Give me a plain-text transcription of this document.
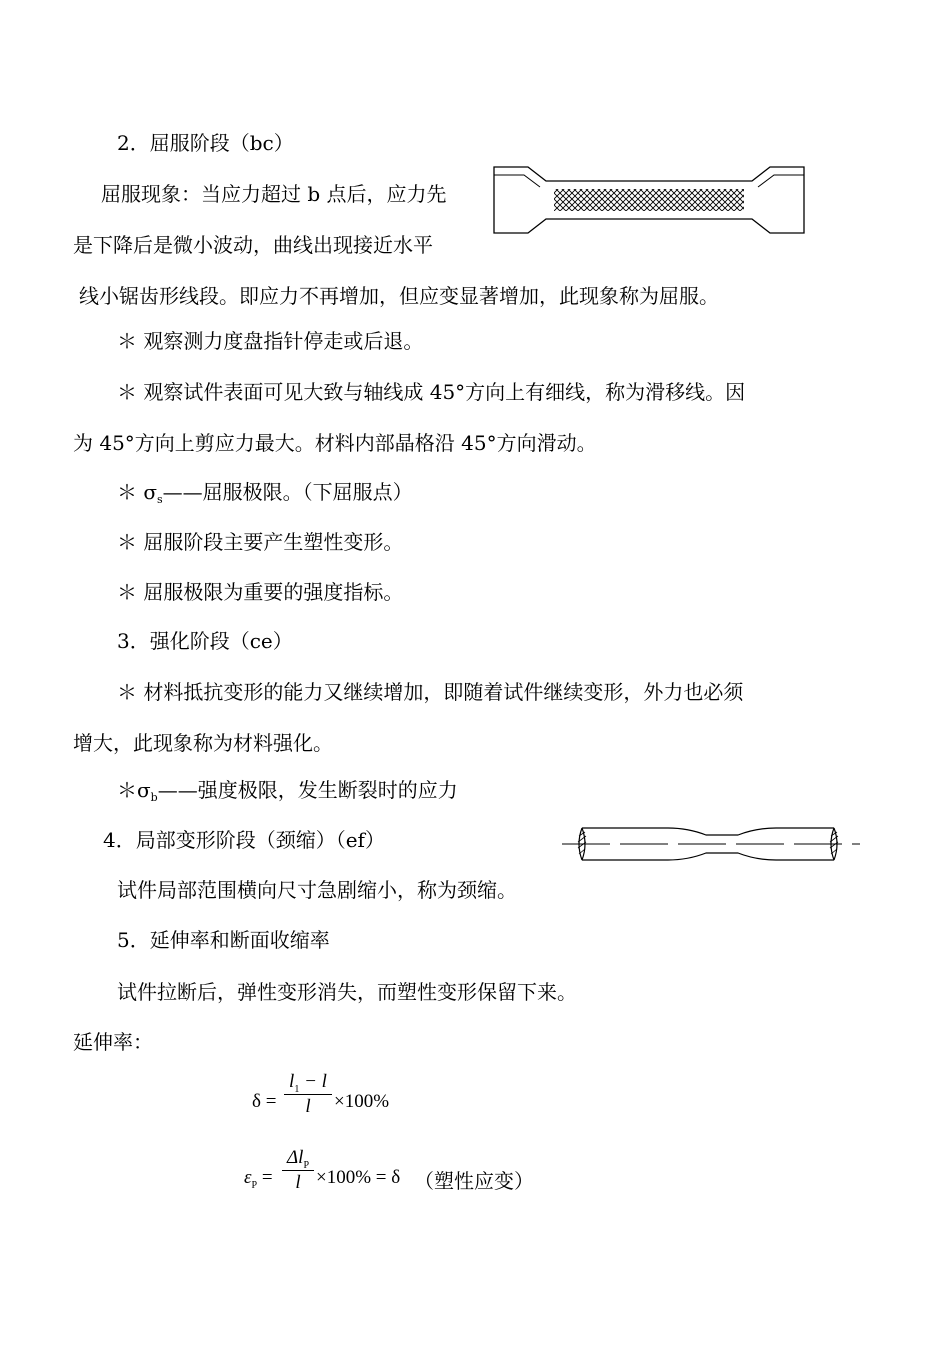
2．屈服阶段（bc）
屈服现象：当应力超过 b 点后，应力先
是下降后是微小波动，曲线出现接近水平
线小锯齿形线段。即应力不再增加，但应变显著增加，此现象称为屈服。
＊ 观察测力度盘指针停走或后退。
＊ 观察试件表面可见大致与轴线成 45°方向上有细线，称为滑移线。因
为 45°方向上剪应力最大。材料内部晶格沿 45°方向滑动。
＊ $\sigma_s——$屈服极限。（下屈服点）
＊ 屈服阶段主要产生塑性变形。
＊ 屈服极限为重要的强度指标。
3．强化阶段（ce）
＊ 材料抵抗变形的能力又继续增加，即随着试件继续变形，外力也必须
增大，此现象称为材料强化。
$*\sigma_b——$强度极限，发生断裂时的应力
4．局部变形阶段（颈缩）（ef）
试件局部范围横向尺寸急剧缩小，称为颈缩。
5．延伸率和断面收缩率
试件拉断后，弹性变形消失，而塑性变形保留下来。
延伸率：
δ =
$l_1 - l$
l	×100%
$\varepsilon_P$ =
$\Delta l_P$
l ×100% = δ （塑性应变）
